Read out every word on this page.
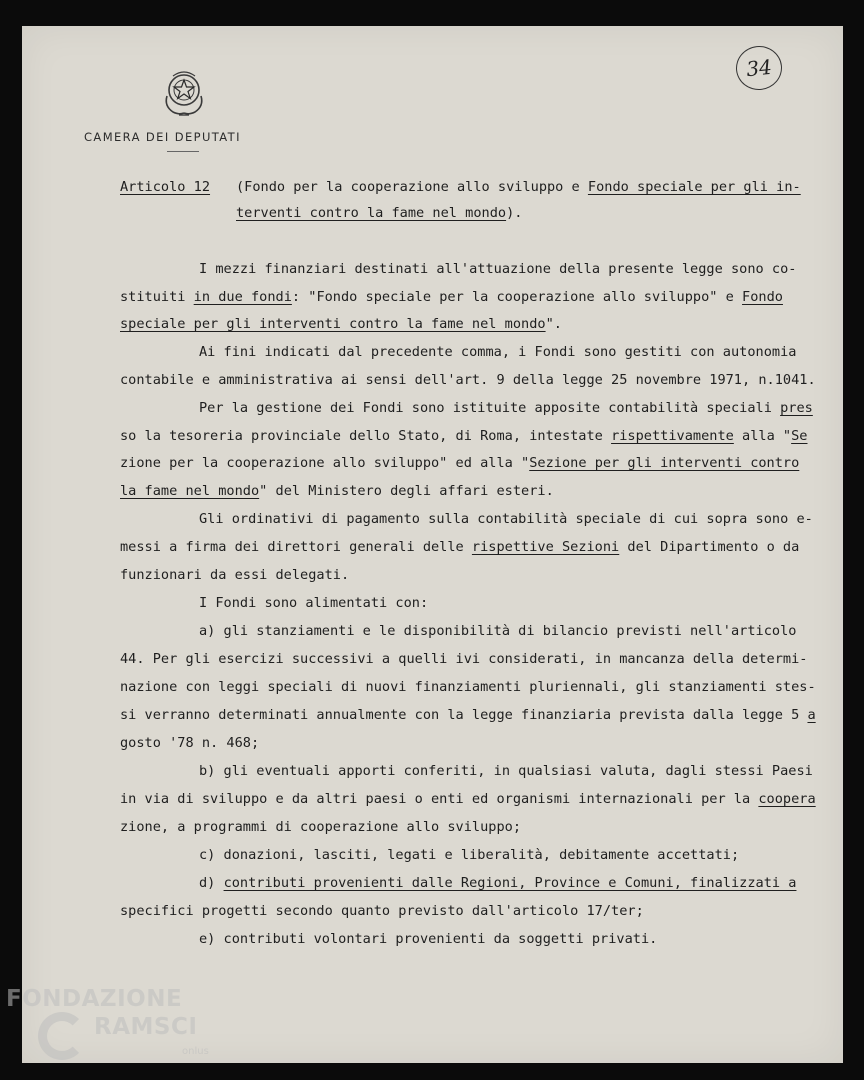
CAMERA DEI DEPUTATI
34
Articolo 12 (Fondo per la cooperazione allo sviluppo e Fondo speciale per gli in-
terventi contro la fame nel mondo).
I mezzi finanziari destinati all'attuazione della presente legge sono co-
stituiti in due fondi: "Fondo speciale per la cooperazione allo sviluppo" e Fondo
speciale per gli interventi contro la fame nel mondo".
Ai fini indicati dal precedente comma, i Fondi sono gestiti con autonomia
contabile e amministrativa ai sensi dell'art. 9 della legge 25 novembre 1971, n.1041.
Per la gestione dei Fondi sono istituite apposite contabilità speciali pres
so la tesoreria provinciale dello Stato, di Roma, intestate rispettivamente alla "Se
zione per la cooperazione allo sviluppo" ed alla "Sezione per gli interventi contro
la fame nel mondo" del Ministero degli affari esteri.
Gli ordinativi di pagamento sulla contabilità speciale di cui sopra sono e-
messi a firma dei direttori generali delle rispettive Sezioni del Dipartimento o da
funzionari da essi delegati.
I Fondi sono alimentati con:
a) gli stanziamenti e le disponibilità di bilancio previsti nell'articolo
44. Per gli esercizi successivi a quelli ivi considerati, in mancanza della determi-
nazione con leggi speciali di nuovi finanziamenti pluriennali, gli stanziamenti stes-
si verranno determinati annualmente con la legge finanziaria prevista dalla legge 5 a
gosto '78 n. 468;
b) gli eventuali apporti conferiti, in qualsiasi valuta, dagli stessi Paesi
in via di sviluppo e da altri paesi o enti ed organismi internazionali per la coopera
zione, a programmi di cooperazione allo sviluppo;
c) donazioni, lasciti, legati e liberalità, debitamente accettati;
d) contributi provenienti dalle Regioni, Province e Comuni, finalizzati a
specifici progetti secondo quanto previsto dall'articolo 17/ter;
e) contributi volontari provenienti da soggetti privati.
FONDAZIONE
RAMSCI
onlus
